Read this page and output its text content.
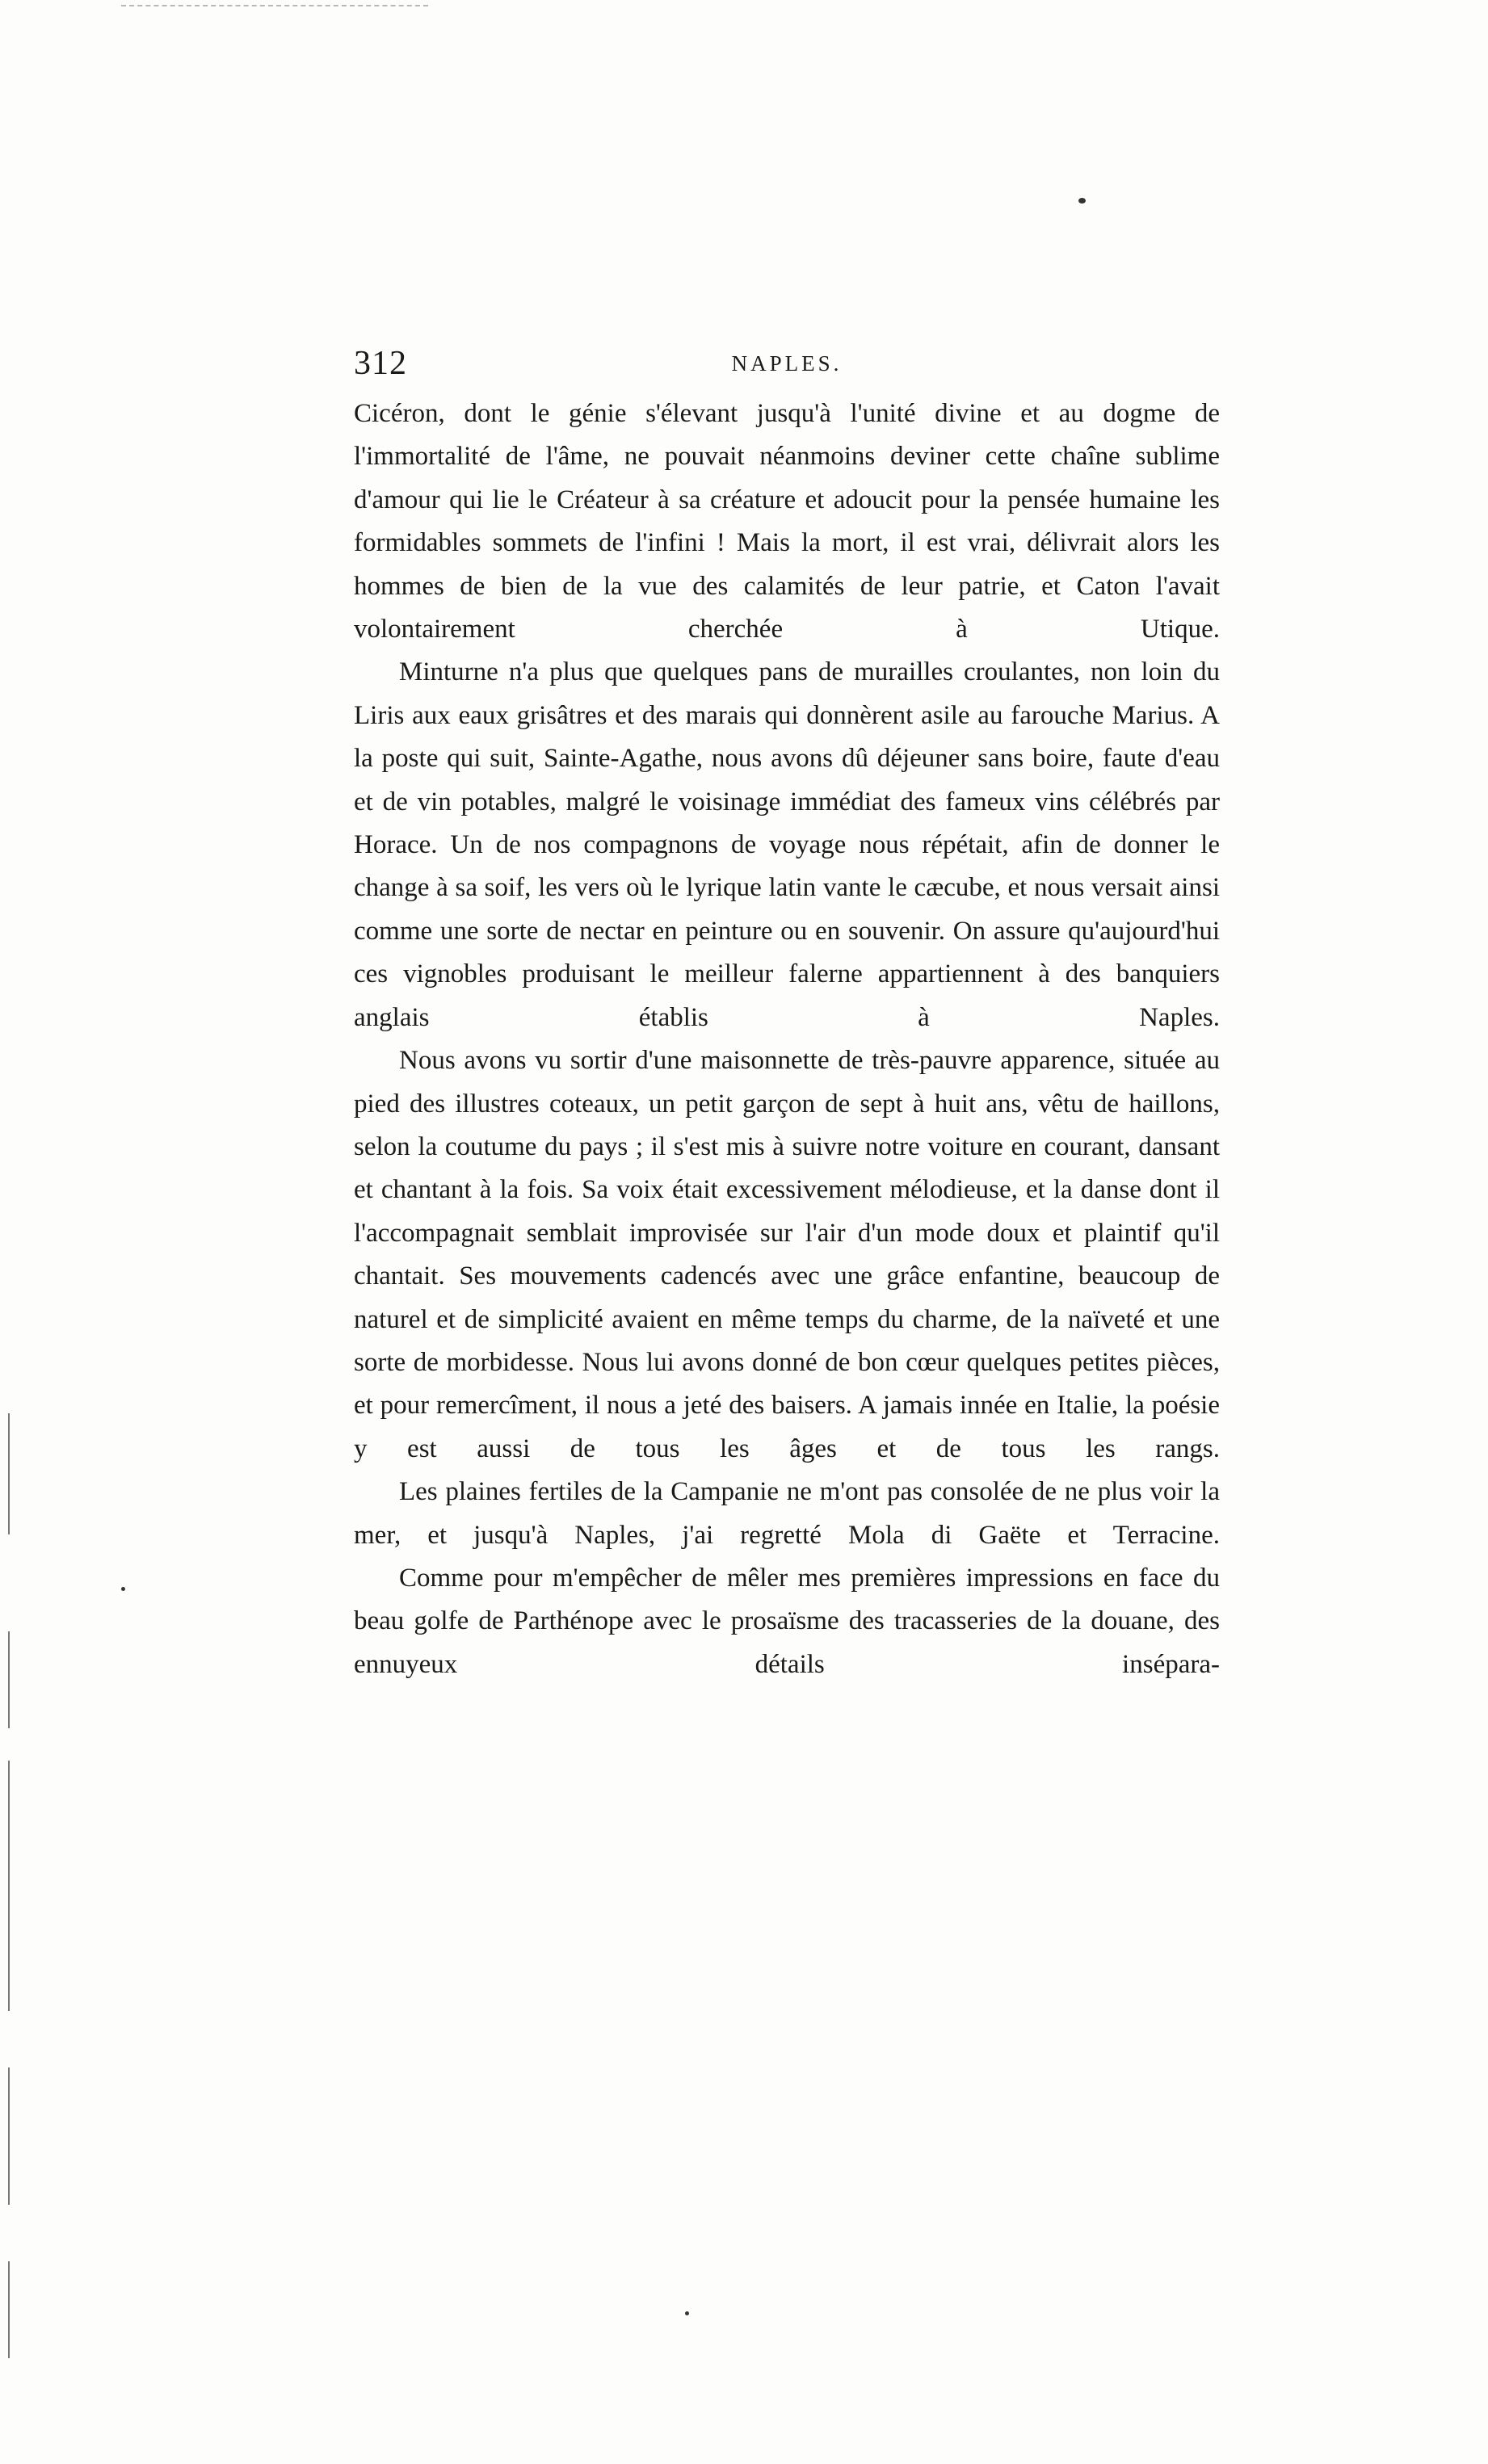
312	NAPLES.

Cicéron, dont le génie s'élevant jusqu'à l'unité divine et au dogme de l'immortalité de l'âme, ne pouvait néanmoins deviner cette chaîne sublime d'amour qui lie le Créateur à sa créature et adoucit pour la pensée humaine les formidables sommets de l'infini ! Mais la mort, il est vrai, délivrait alors les hommes de bien de la vue des calamités de leur patrie, et Caton l'avait volontairement cherchée à Utique.

Minturne n'a plus que quelques pans de murailles croulantes, non loin du Liris aux eaux grisâtres et des marais qui donnèrent asile au farouche Marius. A la poste qui suit, Sainte-Agathe, nous avons dû déjeuner sans boire, faute d'eau et de vin potables, malgré le voisinage immédiat des fameux vins célébrés par Horace. Un de nos compagnons de voyage nous répétait, afin de donner le change à sa soif, les vers où le lyrique latin vante le cæcube, et nous versait ainsi comme une sorte de nectar en peinture ou en souvenir. On assure qu'aujourd'hui ces vignobles produisant le meilleur falerne appartiennent à des banquiers anglais établis à Naples.

Nous avons vu sortir d'une maisonnette de très-pauvre apparence, située au pied des illustres coteaux, un petit garçon de sept à huit ans, vêtu de haillons, selon la coutume du pays ; il s'est mis à suivre notre voiture en courant, dansant et chantant à la fois. Sa voix était excessivement mélodieuse, et la danse dont il l'accompagnait semblait improvisée sur l'air d'un mode doux et plaintif qu'il chantait. Ses mouvements cadencés avec une grâce enfantine, beaucoup de naturel et de simplicité avaient en même temps du charme, de la naïveté et une sorte de morbidesse. Nous lui avons donné de bon cœur quelques petites pièces, et pour remercîment, il nous a jeté des baisers. A jamais innée en Italie, la poésie y est aussi de tous les âges et de tous les rangs.

Les plaines fertiles de la Campanie ne m'ont pas consolée de ne plus voir la mer, et jusqu'à Naples, j'ai regretté Mola di Gaëte et Terracine.

Comme pour m'empêcher de mêler mes premières impressions en face du beau golfe de Parthénope avec le prosaïsme des tracasseries de la douane, des ennuyeux détails insépara-
